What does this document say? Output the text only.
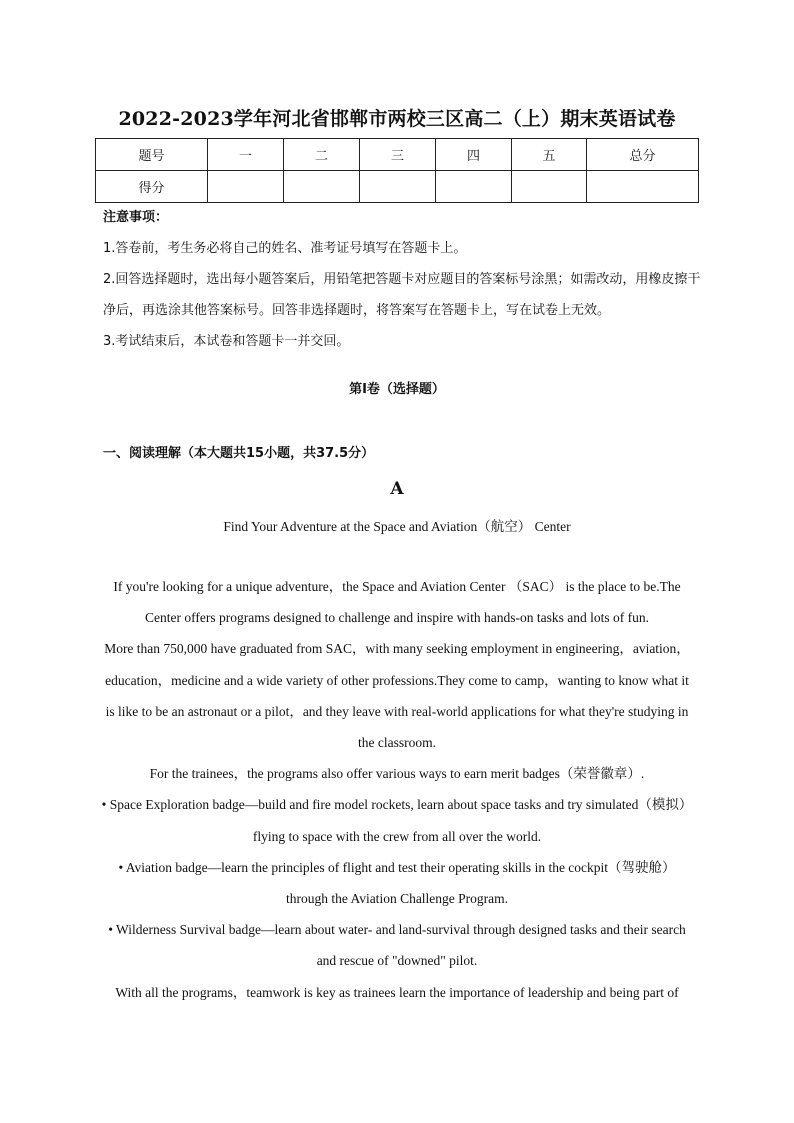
2022-2023学年河北省邯郸市两校三区高二（上）期末英语试卷
题号	一	二	三	四	五	总分
得分						

注意事项：

1.答卷前，考生务必将自己的姓名、准考证号填写在答题卡上。

2.回答选择题时，选出每小题答案后，用铅笔把答题卡对应题目的答案标号涂黑；如需改动，用橡皮擦干净后，再选涂其他答案标号。回答非选择题时，将答案写在答题卡上，写在试卷上无效。

3.考试结束后，本试卷和答题卡一并交回。

第Ⅰ卷（选择题）
一、阅读理解（本大题共15小题，共37.5分）
A
Find Your Adventure at the Space and Aviation（航空） Center

If you're looking for a unique adventure，the Space and Aviation Center （SAC） is the place to be.The Center offers programs designed to challenge and inspire with hands-on tasks and lots of fun.

More than 750,000 have graduated from SAC，with many seeking employment in engineering，aviation，education，medicine and a wide variety of other professions.They come to camp，wanting to know what it is like to be an astronaut or a pilot，and they leave with real-world applications for what they're studying in the classroom.

For the trainees，the programs also offer various ways to earn merit badges（荣誉徽章）.

• Space Exploration badge—build and fire model rockets, learn about space tasks and try simulated（模拟） flying to space with the crew from all over the world.

• Aviation badge—learn the principles of flight and test their operating skills in the cockpit（驾驶舱） through the Aviation Challenge Program.

• Wilderness Survival badge—learn about water- and land-survival through designed tasks and their search and rescue of "downed" pilot.

With all the programs，teamwork is key as trainees learn the importance of leadership and being part of
